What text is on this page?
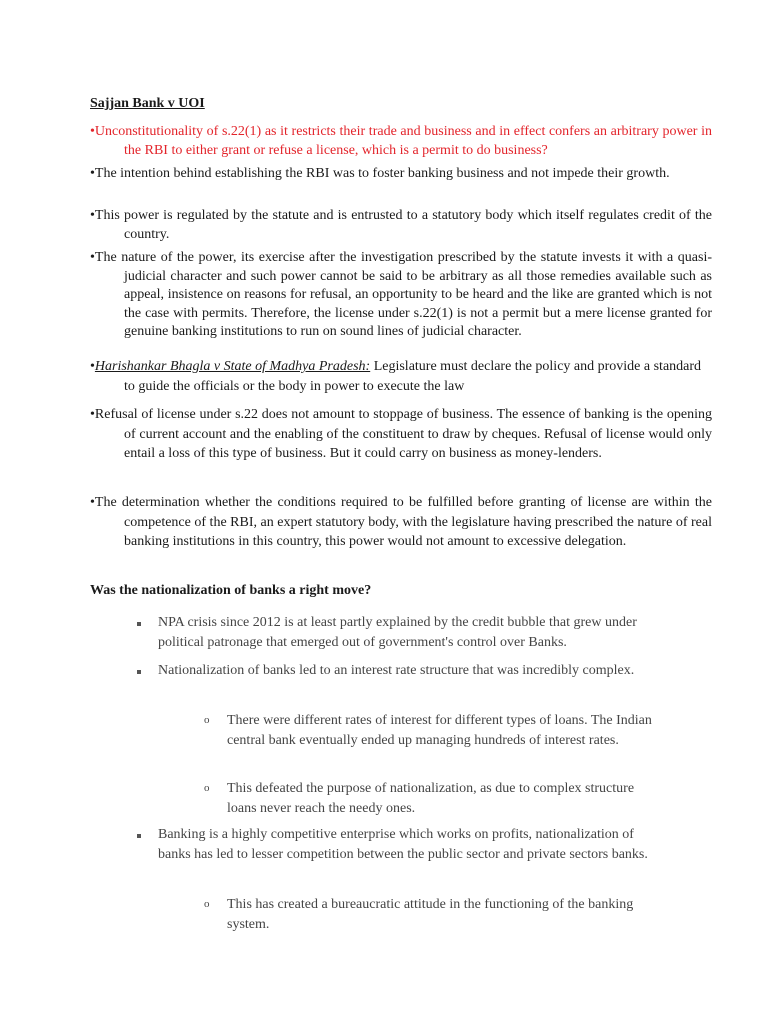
Sajjan Bank v UOI

•Unconstitutionality of s.22(1) as it restricts their trade and business and in effect confers an arbitrary power in the RBI to either grant or refuse a license, which is a permit to do business?

•The intention behind establishing the RBI was to foster banking business and not impede their growth.

•This power is regulated by the statute and is entrusted to a statutory body which itself regulates credit of the country.

•The nature of the power, its exercise after the investigation prescribed by the statute invests it with a quasi-judicial character and such power cannot be said to be arbitrary as all those remedies available such as appeal, insistence on reasons for refusal, an opportunity to be heard and the like are granted which is not the case with permits. Therefore, the license under s.22(1) is not a permit but a mere license granted for genuine banking institutions to run on sound lines of judicial character.

•Harishankar Bhagla v State of Madhya Pradesh: Legislature must declare the policy and provide a standard to guide the officials or the body in power to execute the law

•Refusal of license under s.22 does not amount to stoppage of business. The essence of banking is the opening of current account and the enabling of the constituent to draw by cheques. Refusal of license would only entail a loss of this type of business. But it could carry on business as money-lenders.

•The determination whether the conditions required to be fulfilled before granting of license are within the competence of the RBI, an expert statutory body, with the legislature having prescribed the nature of real banking institutions in this country, this power would not amount to excessive delegation.

Was the nationalization of banks a right move?
NPA crisis since 2012 is at least partly explained by the credit bubble that grew under political patronage that emerged out of government's control over Banks.
Nationalization of banks led to an interest rate structure that was incredibly complex.
o There were different rates of interest for different types of loans. The Indian central bank eventually ended up managing hundreds of interest rates.
o This defeated the purpose of nationalization, as due to complex structure loans never reach the needy ones.
Banking is a highly competitive enterprise which works on profits, nationalization of banks has led to lesser competition between the public sector and private sectors banks.
o This has created a bureaucratic attitude in the functioning of the banking system.
